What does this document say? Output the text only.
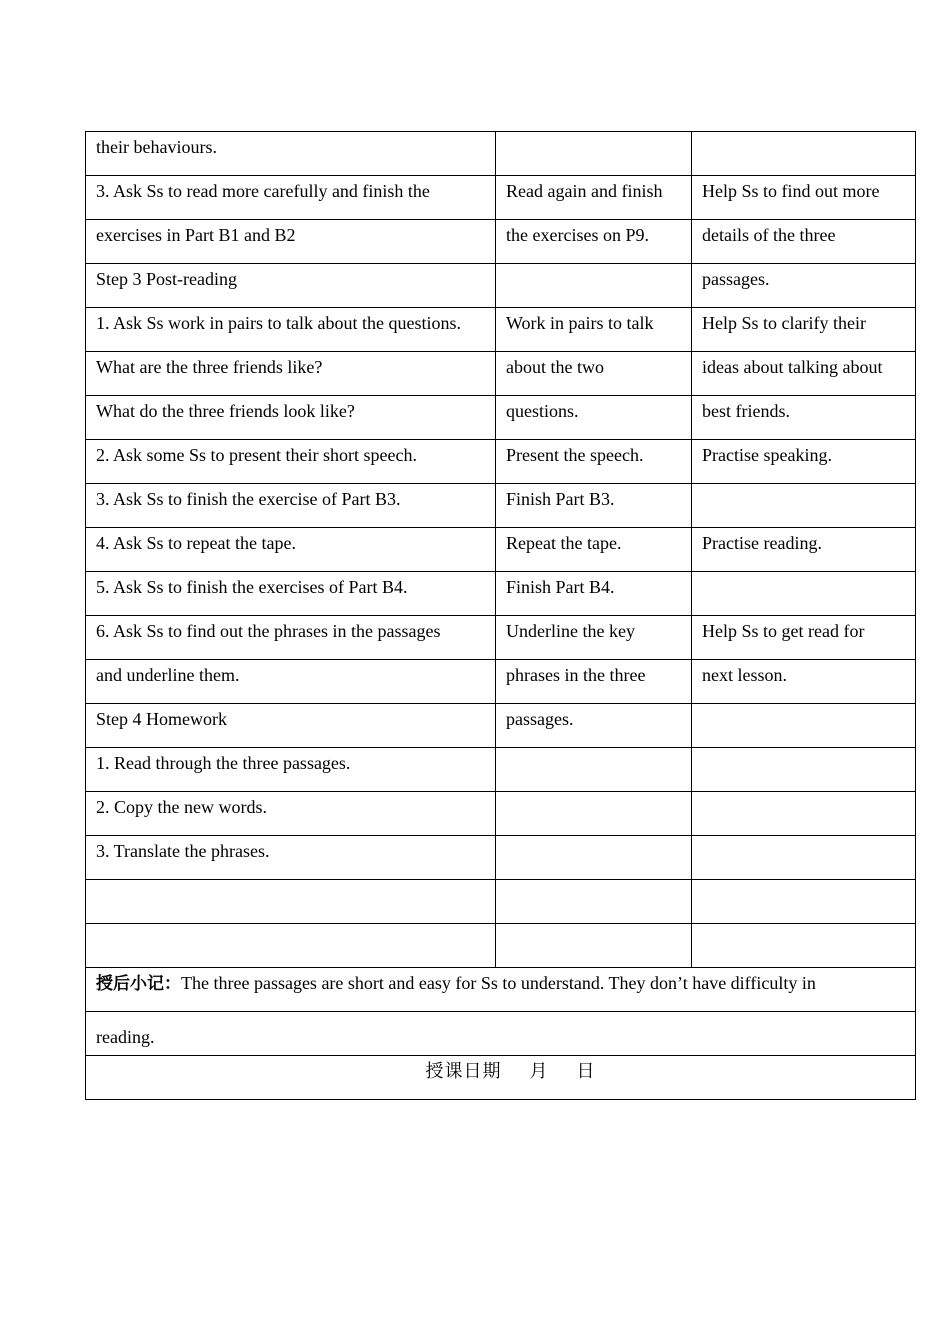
their behaviours.		
3. Ask Ss to read more carefully and finish the	Read again and finish	Help Ss to find out more
exercises in Part B1 and B2	the exercises on P9.	details of the three
Step 3 Post-reading		passages.
1. Ask Ss work in pairs to talk about the questions.	Work in pairs to talk	Help Ss to clarify their
What are the three friends like?	about the two	ideas about talking about
What do the three friends look like?	questions.	best friends.
2. Ask some Ss to present their short speech.	Present the speech.	Practise speaking.
3. Ask Ss to finish the exercise of Part B3.	Finish Part B3.	
4. Ask Ss to repeat the tape.	Repeat the tape.	Practise reading.
5. Ask Ss to finish the exercises of Part B4.	Finish Part B4.	
6. Ask Ss to find out the phrases in the passages	Underline the key	Help Ss to get read for
and underline them.	phrases in the three	next lesson.
Step 4 Homework	passages.	
1. Read through the three passages.		
2. Copy the new words.		
3. Translate the phrases.		

授后小记：The three passages are short and easy for Ss to understand. They don’t have difficulty in		
reading.		

授课日期 月 日		
